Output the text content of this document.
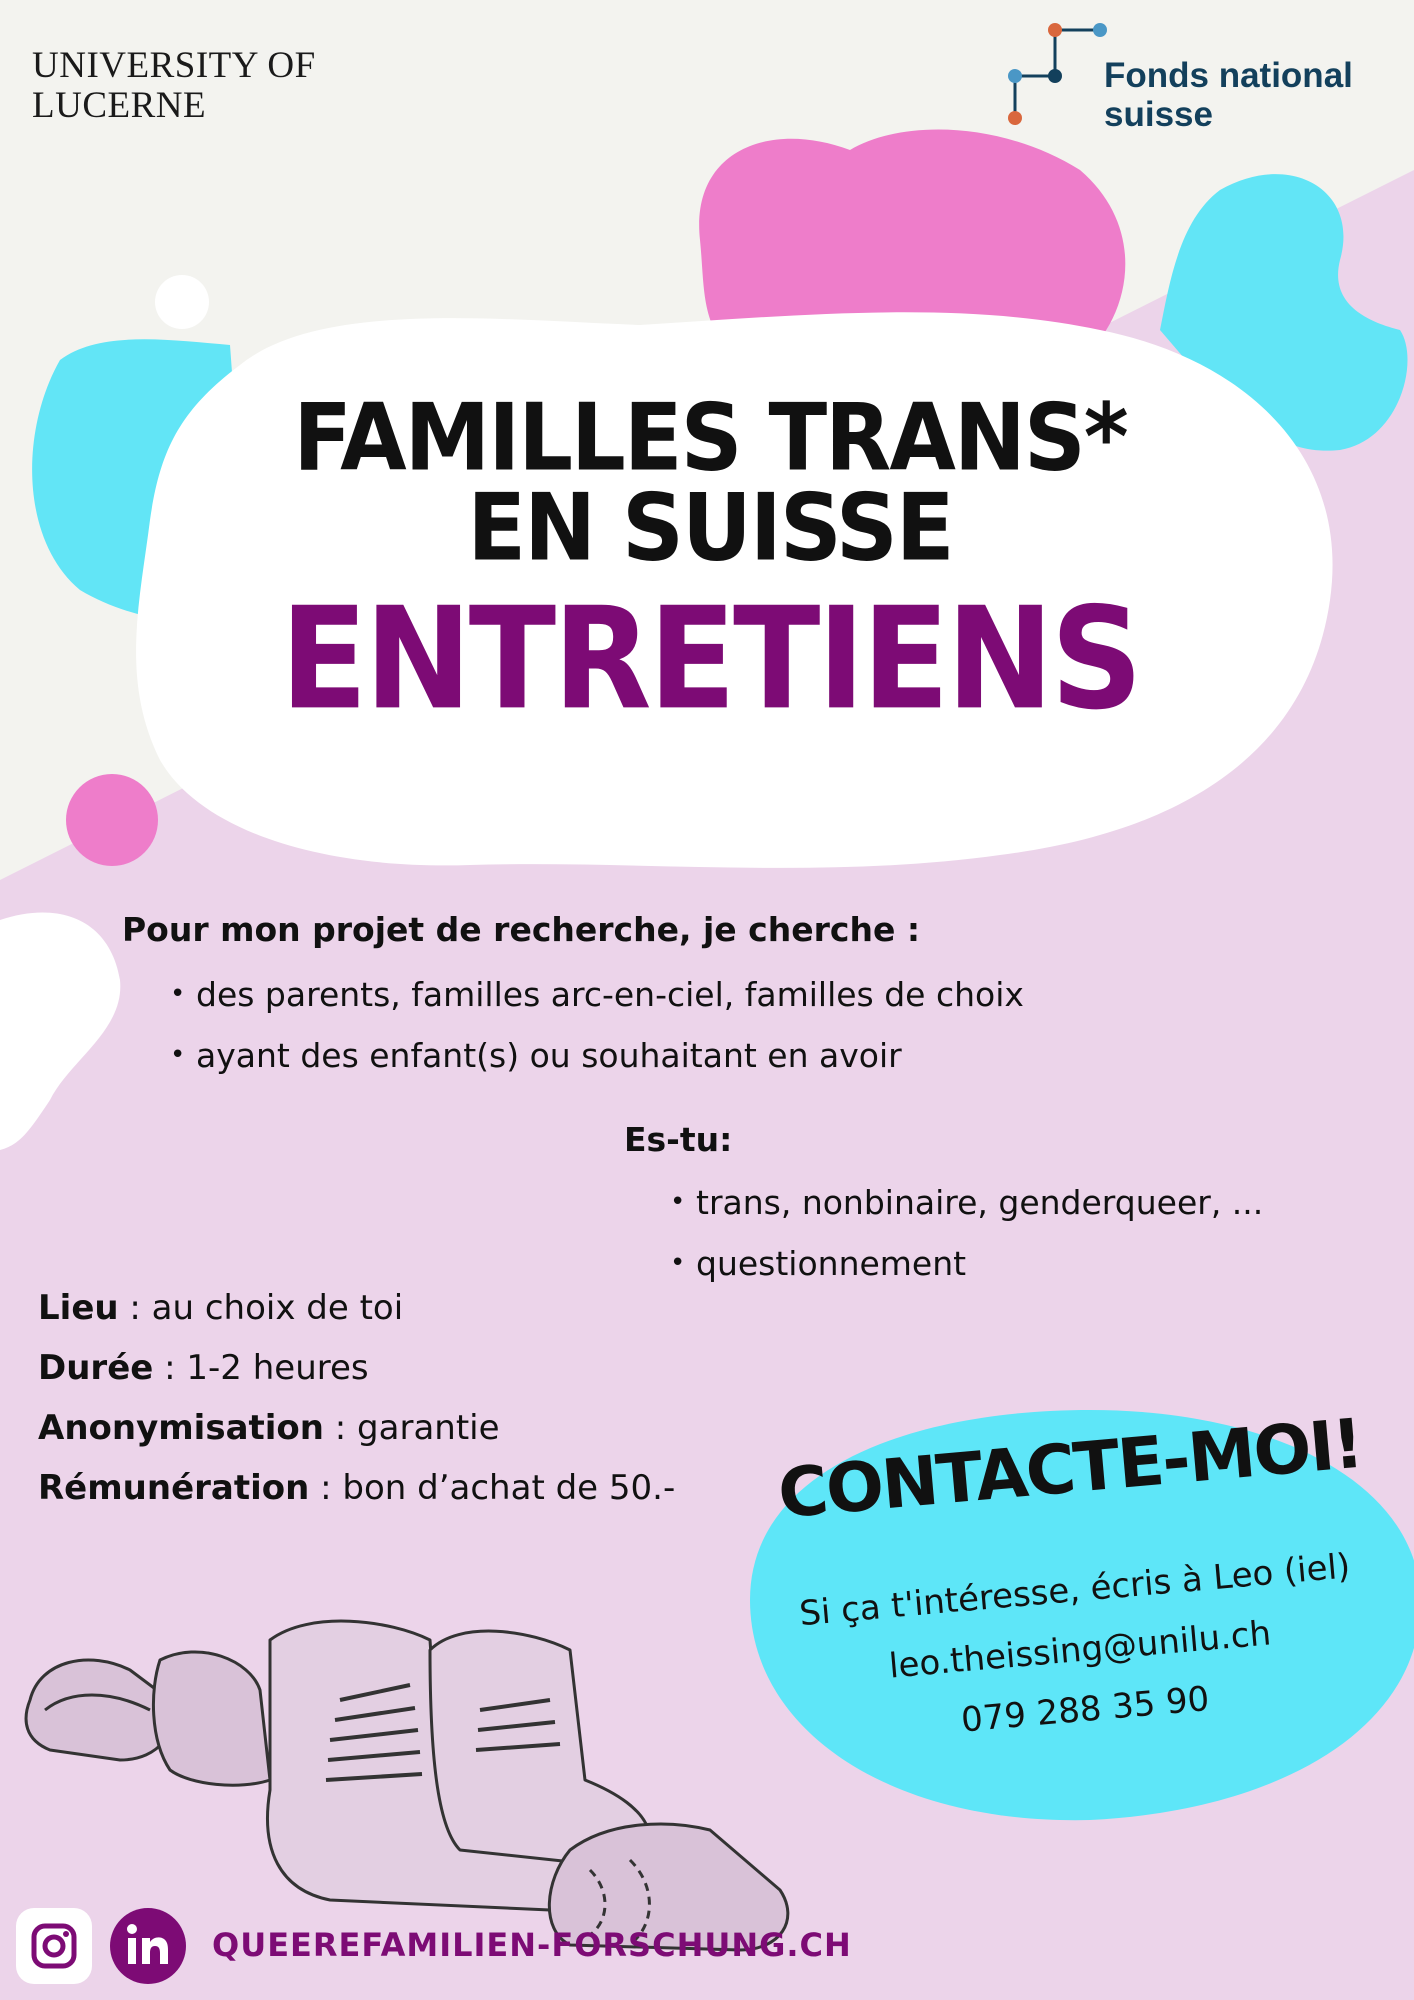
UNIVERSITY OF
LUCERNE
Fonds national
suisse
FAMILLES TRANS*
EN SUISSE
ENTRETIENS
Pour mon projet de recherche, je cherche :
• des parents, familles arc-en-ciel, familles de choix
• ayant des enfant(s) ou souhaitant en avoir
Es-tu:
• trans, nonbinaire, genderqueer, ...
• questionnement
Lieu : au choix de toi
Durée : 1-2 heures
Anonymisation : garantie
Rémunération : bon d’achat de 50.- CONTACTE-MOI!
Si ça t'intéresse, écris à Leo (iel)
leo.theissing@unilu.ch
079 288 35 90
QUEEREFAMILIEN-FORSCHUNG.CH
